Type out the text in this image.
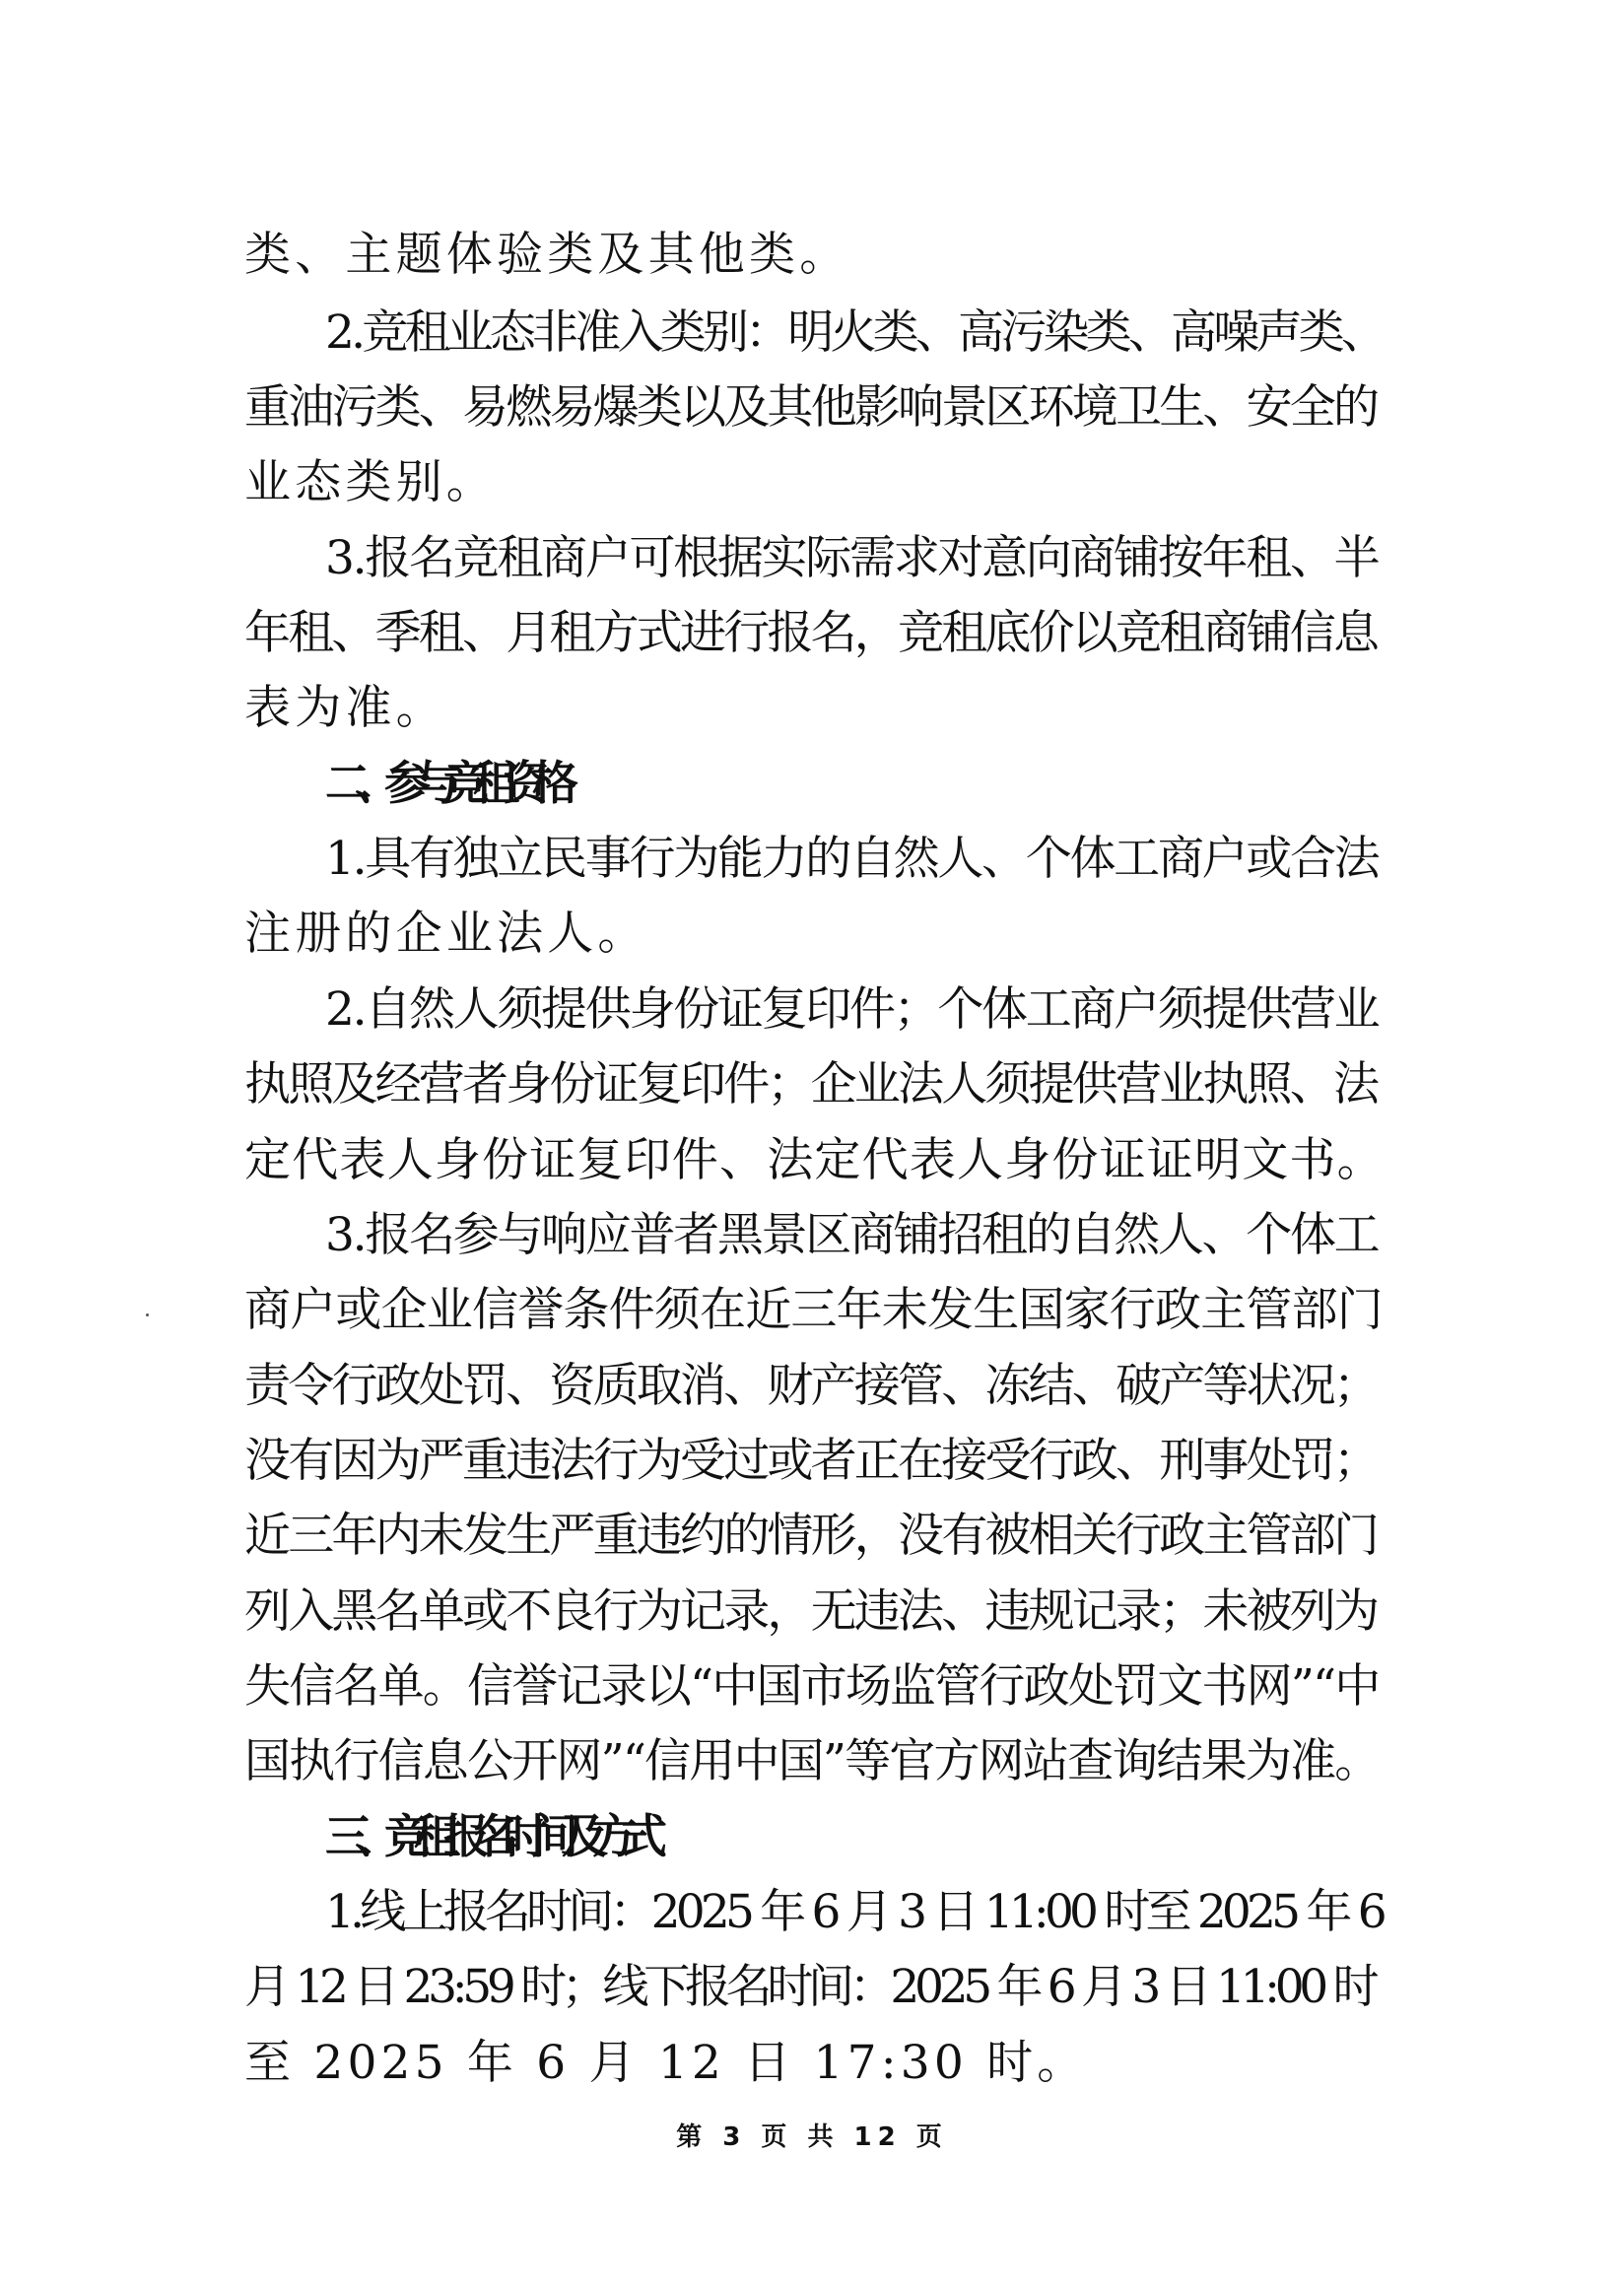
类、主题体验类及其他类。
2.竞租业态非准入类别：明火类、高污染类、高噪声类、
重油污类、易燃易爆类以及其他影响景区环境卫生、安全的
业态类别。
3.报名竞租商户可根据实际需求对意向商铺按年租、半
年租、季租、月租方式进行报名，竞租底价以竞租商铺信息
表为准。
二、参与竞租资格
1.具有独立民事行为能力的自然人、个体工商户或合法
注册的企业法人。
2.自然人须提供身份证复印件；个体工商户须提供营业
执照及经营者身份证复印件；企业法人须提供营业执照、法
定代表人身份证复印件、法定代表人身份证证明文书。
3.报名参与响应普者黑景区商铺招租的自然人、个体工
商户或企业信誉条件须在近三年未发生国家行政主管部门
责令行政处罚、资质取消、财产接管、冻结、破产等状况；
没有因为严重违法行为受过或者正在接受行政、刑事处罚；
近三年内未发生严重违约的情形，没有被相关行政主管部门
列入黑名单或不良行为记录，无违法、违规记录；未被列为
失信名单。信誉记录以“中国市场监管行政处罚文书网”“中
国执行信息公开网”“信用中国”等官方网站查询结果为准。
三、竞租报名时间及方式
1.线上报名时间：2025 年 6 月 3 日 11:00 时至 2025 年 6
月 12 日 23:59 时；线下报名时间：2025 年 6 月 3 日 11:00 时
至 2025 年 6 月 12 日 17:30 时。
第 3 页 共 12 页
